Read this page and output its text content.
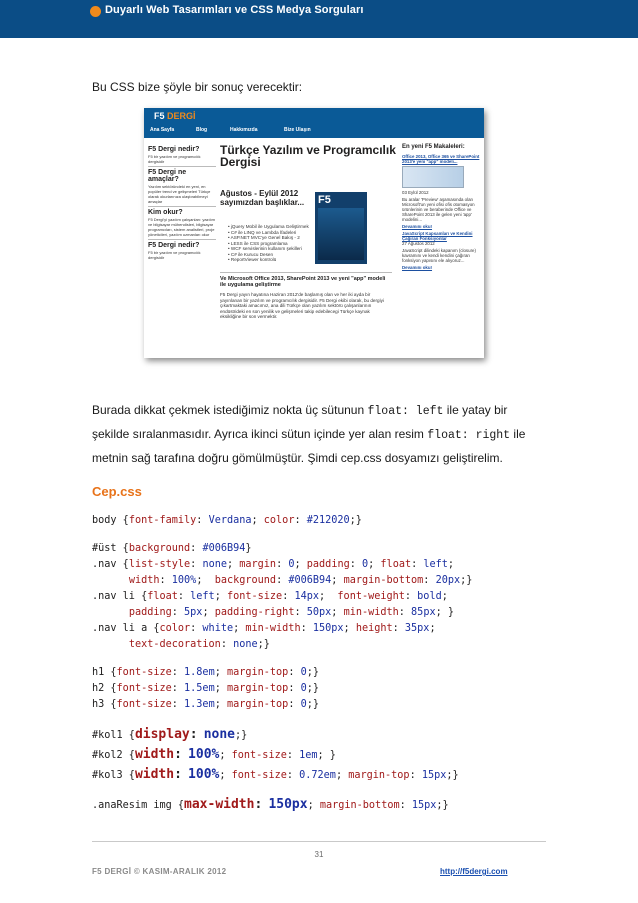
Duyarlı Web Tasarımları ve CSS Medya Sorguları
Bu CSS bize şöyle bir sonuç verecektir:
F5 DERGİ
Ana Sayfa	Blog	Hakkımızda	Bize Ulaşın
F5 Dergi nedir?
F5 bir yazılım ve programcılık dergisidir
F5 Dergi ne amaçlar?
Yazılım sektöründeki en yeni, en popüler trend ve gelişmeleri Türkçe olarak okurlarınıza ulaştırabilmeyi amaçlar
Kim okur?
F5 Dergi'yi yazılım çalışanları: yazılım ve bilgisayar mühendisleri, bilgisayar programcıları, sistem analistleri, proje yöneticileri, yazılım uzmanları okur
F5 Dergi nedir?
F5 bir yazılım ve programcılık dergisidir
Türkçe Yazılım ve Programcılık Dergisi
Ağustos - Eylül 2012 sayımızdan başlıklar...	F5
• jQuery Mobil ile Uygulama Geliştirmek
• C# ile LINQ ve Lambda İfadeleri
• ASP.NET MVC'ye Genel Bakış - 2
• LESS ile CSS programlama
• WCF servislerinin kullanım şekilleri
• C# ile Kurucu Desen
• ReportViewer kontrolü
Ve Microsoft Office 2013, SharePoint 2013 ve yeni "app" modeli ile uygulama geliştirme
F5 Dergi yayın hayatına Haziran 2012'de başlamış olan ve her iki ayda bir yayınlanan bir yazılım ve programcılık dergisidir. F5 Dergi ekibi olarak, bu dergiyi çıkartmaktaki amacımız, ana dili Türkçe olan yazılım sektörü çalışanlarının endüstrideki en son yenilik ve gelişmeleri takip edebilecegi Türkçe kaynak eksikliğine bir son vermektir.
En yeni F5 Makaleleri:
Office 2013, Office 365 ve SharePoint 2013'e yeni "app" modeli...
03 Eylül 2012
Bu aralar 'Preview' aşamasında olan Microsoft'un yeni ofisi ofis otomasyon ürünlerinin ve beraberinde Office ve SharePoint 2013 ile gelen yeni 'app' modelini...
Devamını oku!
JavaScript Kapsamları ve Kendini Çağıran Fonksiyonlar
27 Ağustos 2012
JavaScript dilindeki kapanım (closure) kavramını ve kendi kendini çağıran fonksiyon yapısını ele alıyoruz...
Devamını oku!
Burada dikkat çekmek istediğimiz nokta üç sütunun float: left ile yatay bir şekilde sıralanmasıdır. Ayrıca ikinci sütun içinde yer alan resim float: right ile metnin sağ tarafına doğru gömülmüştür. Şimdi cep.css dosyamızı geliştirelim.
Cep.css

body {font-family: Verdana; color: #212020;}

#üst {background: #006B94}

.nav {list-style: none; margin: 0; padding: 0; float: left;

width: 100%;  background: #006B94; margin-bottom: 20px;}

.nav li {float: left; font-size: 14px;  font-weight: bold;

padding: 5px; padding-right: 50px; min-width: 85px; }

.nav li a {color: white; min-width: 150px; height: 35px;

text-decoration: none;}

h1 {font-size: 1.8em; margin-top: 0;}

h2 {font-size: 1.5em; margin-top: 0;}

h3 {font-size: 1.3em; margin-top: 0;}

#kol1 {display: none;}

#kol2 {width: 100%; font-size: 1em; }

#kol3 {width: 100%; font-size: 0.72em; margin-top: 15px;}

.anaResim img {max-width: 150px; margin-bottom: 15px;}

31
F5 DERGİ © KASIM-ARALIK 2012	http://f5dergi.com
